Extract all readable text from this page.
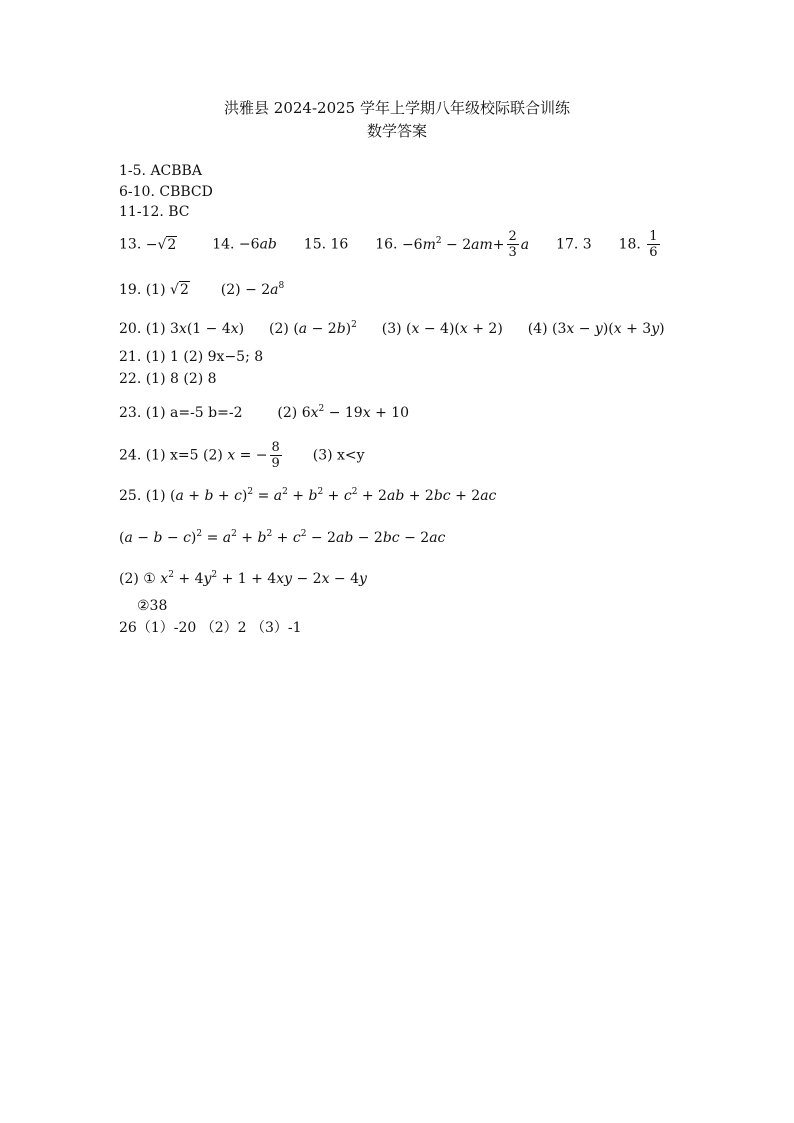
洪雅县 2024-2025 学年上学期八年级校际联合训练
数学答案
1-5. ACBBA
6-10. CBBCD
11-12. BC
13. −√2	14. −6ab 15. 16 16. $-6m^2 - 2am+ \frac{2}{3}$ a 17. 3 18. $\frac{1}{6}$
19. (1) √2 $(2) - 2a^8$
20. (1) 3x(1 − 4x) (2) $(a - 2b)^2$ (3) (x − 4)(x + 2) (4) (3x − y)(x + 3y)
21. (1) 1 (2) 9x−5; 8
22. (1) 8 (2) 8
23. (1) a=-5 b=-2 (2) $6x^2 - 19x + 10$
24. (1) x=5 (2) x = − $\frac{8}{9} (3)$ x<y
25. (1) $(a + b + c)^2 = a^2 + b^2 + c^2 + 2ab + 2bc + 2ac$
$(a - b - c)^2 = a^2 + b^2 + c^2 - 2ab - 2bc - 2ac$
(2) ① $x^2 + 4y^2 + 1 + 4xy - 2x - 4y$
②38
26（1）-20 （2）2 （3）-1
